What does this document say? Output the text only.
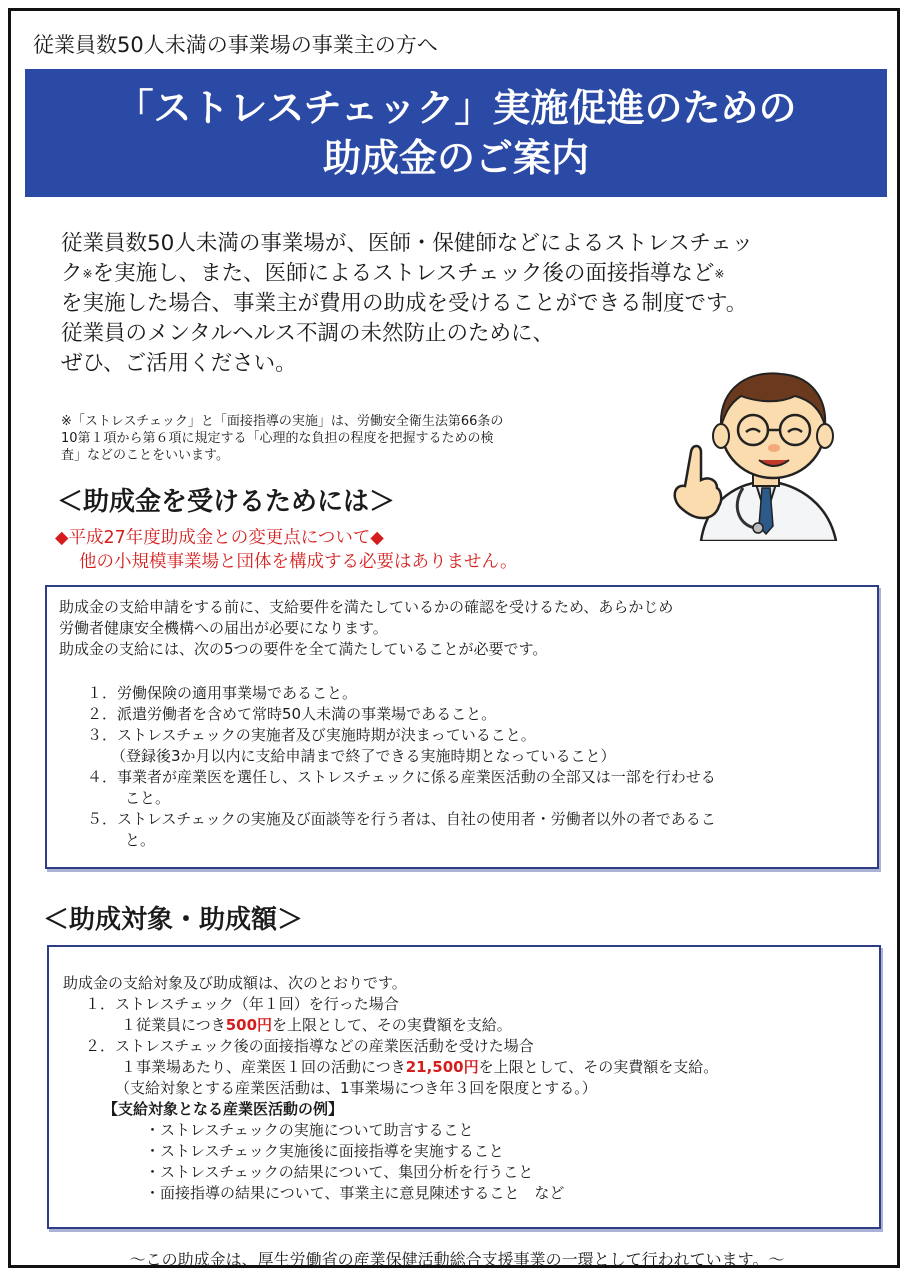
従業員数50人未満の事業場の事業主の方へ
「ストレスチェック」実施促進のための
助成金のご案内
従業員数50人未満の事業場が、医師・保健師などによるストレスチェッ
ク※を実施し、また、医師によるストレスチェック後の面接指導など※
を実施した場合、事業主が費用の助成を受けることができる制度です。
従業員のメンタルヘルス不調の未然防止のために、
ぜひ、ご活用ください。
※「ストレスチェック」と「面接指導の実施」は、労働安全衛生法第66条の
10第１項から第６項に規定する「心理的な負担の程度を把握するための検
査」などのことをいいます。
＜助成金を受けるためには＞
◆平成27年度助成金との変更点について◆
他の小規模事業場と団体を構成する必要はありません。
助成金の支給申請をする前に、支給要件を満たしているかの確認を受けるため、あらかじめ
労働者健康安全機構への届出が必要になります。
助成金の支給には、次の5つの要件を全て満たしていることが必要です。
１．労働保険の適用事業場であること。
２．派遣労働者を含めて常時50人未満の事業場であること。
３．ストレスチェックの実施者及び実施時期が決まっていること。
（登録後3か月以内に支給申請まで終了できる実施時期となっていること）
４．事業者が産業医を選任し、ストレスチェックに係る産業医活動の全部又は一部を行わせる
こと。
５．ストレスチェックの実施及び面談等を行う者は、自社の使用者・労働者以外の者であるこ
と。
＜助成対象・助成額＞
助成金の支給対象及び助成額は、次のとおりです。
１．ストレスチェック（年１回）を行った場合
１従業員につき500円を上限として、その実費額を支給。
２．ストレスチェック後の面接指導などの産業医活動を受けた場合
１事業場あたり、産業医１回の活動につき21,500円を上限として、その実費額を支給。
（支給対象とする産業医活動は、1事業場につき年３回を限度とする。）
【支給対象となる産業医活動の例】
・ストレスチェックの実施について助言すること
・ストレスチェック実施後に面接指導を実施すること
・ストレスチェックの結果について、集団分析を行うこと
・面接指導の結果について、事業主に意見陳述すること　など
～この助成金は、厚生労働省の産業保健活動総合支援事業の一環として行われています。～
